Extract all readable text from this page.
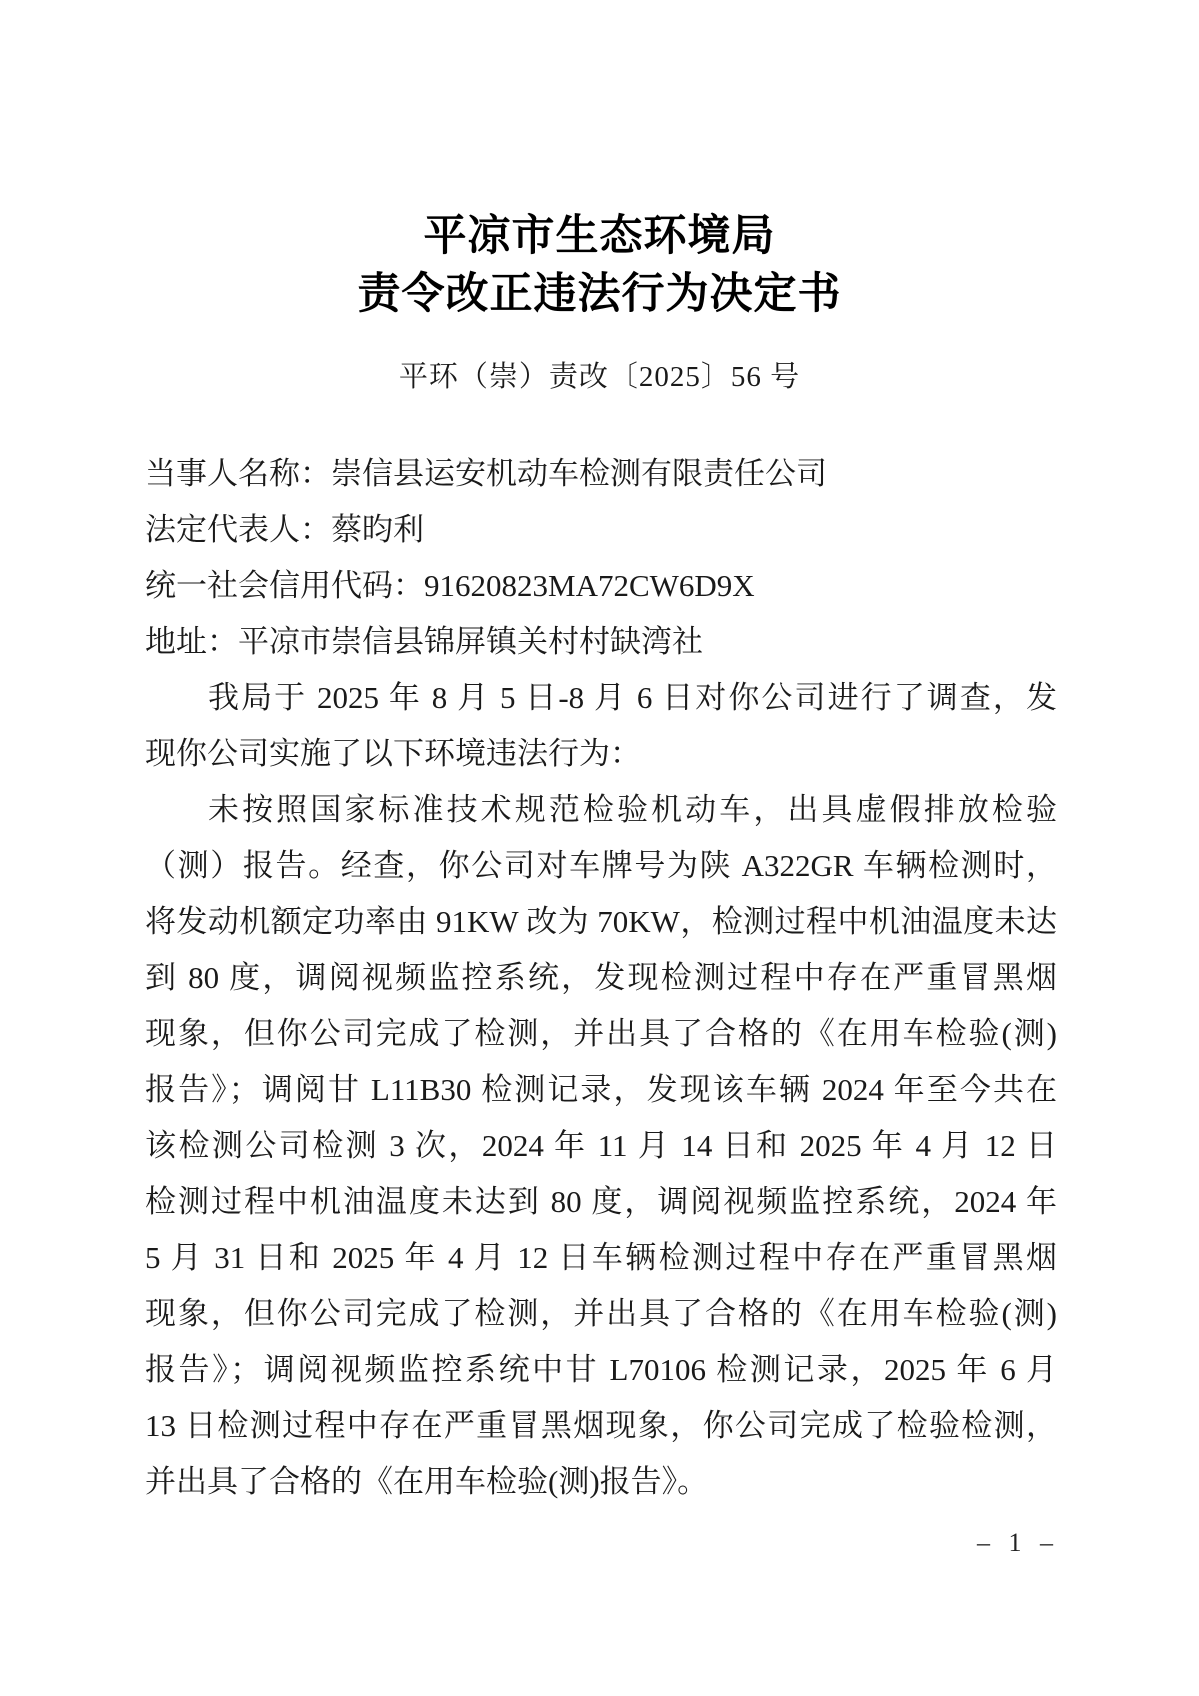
平凉市生态环境局
责令改正违法行为决定书
平环（崇）责改〔2025〕56 号
当事人名称：崇信县运安机动车检测有限责任公司
法定代表人：蔡昀利
统一社会信用代码：91620823MA72CW6D9X
地址：平凉市崇信县锦屏镇关村村缺湾社
我局于 2025 年 8 月 5 日-8 月 6 日对你公司进行了调查，发
现你公司实施了以下环境违法行为：
未按照国家标准技术规范检验机动车，出具虚假排放检验
（测）报告。经查，你公司对车牌号为陕 A322GR 车辆检测时，
将发动机额定功率由 91KW 改为 70KW，检测过程中机油温度未达
到 80 度，调阅视频监控系统，发现检测过程中存在严重冒黑烟
现象，但你公司完成了检测，并出具了合格的《在用车检验(测)
报告》；调阅甘 L11B30 检测记录，发现该车辆 2024 年至今共在
该检测公司检测 3 次，2024 年 11 月 14 日和 2025 年 4 月 12 日
检测过程中机油温度未达到 80 度，调阅视频监控系统，2024 年
5 月 31 日和 2025 年 4 月 12 日车辆检测过程中存在严重冒黑烟
现象，但你公司完成了检测，并出具了合格的《在用车检验(测)
报告》；调阅视频监控系统中甘 L70106 检测记录，2025 年 6 月
13 日检测过程中存在严重冒黑烟现象，你公司完成了检验检测，
并出具了合格的《在用车检验(测)报告》。
– 1 –
